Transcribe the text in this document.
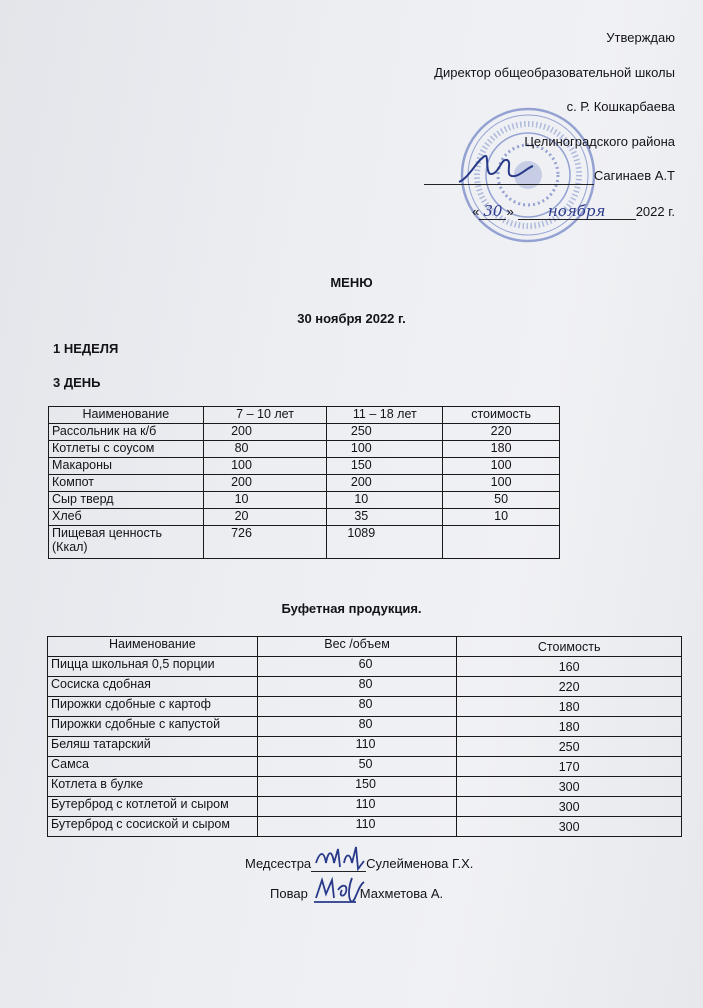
Утверждаю
Директор общеобразовательной школы
с. Р. Кошкарбаева
Целиноградского района
Сагинаев А.Т
« 30 » ноября 2022 г.
МЕНЮ
30 ноября 2022 г.
1 НЕДЕЛЯ
3 ДЕНЬ
Наименование	7 – 10 лет	11 – 18 лет	стоимость
Рассольник на к/б	200	250	220
Котлеты с соусом	80	100	180
Макароны	100	150	100
Компот	200	200	100
Сыр тверд	10	10	50
Хлеб	20	35	10
Пищевая ценность (Ккал)	726	1089	
Буфетная продукция.
Наименование	Вес /объем	Стоимость
Пицца школьная 0,5 порции	60	160
Сосиска сдобная	80	220
Пирожки сдобные с картоф	80	180
Пирожки сдобные с капустой	80	180
Беляш татарский	110	250
Самса	50	170
Котлета в булке	150	300
Бутерброд с котлетой и сыром	110	300
Бутерброд с сосиской и сыром	110	300
Медсестра	Сулейменова Г.Х.
Повар	Махметова А.
